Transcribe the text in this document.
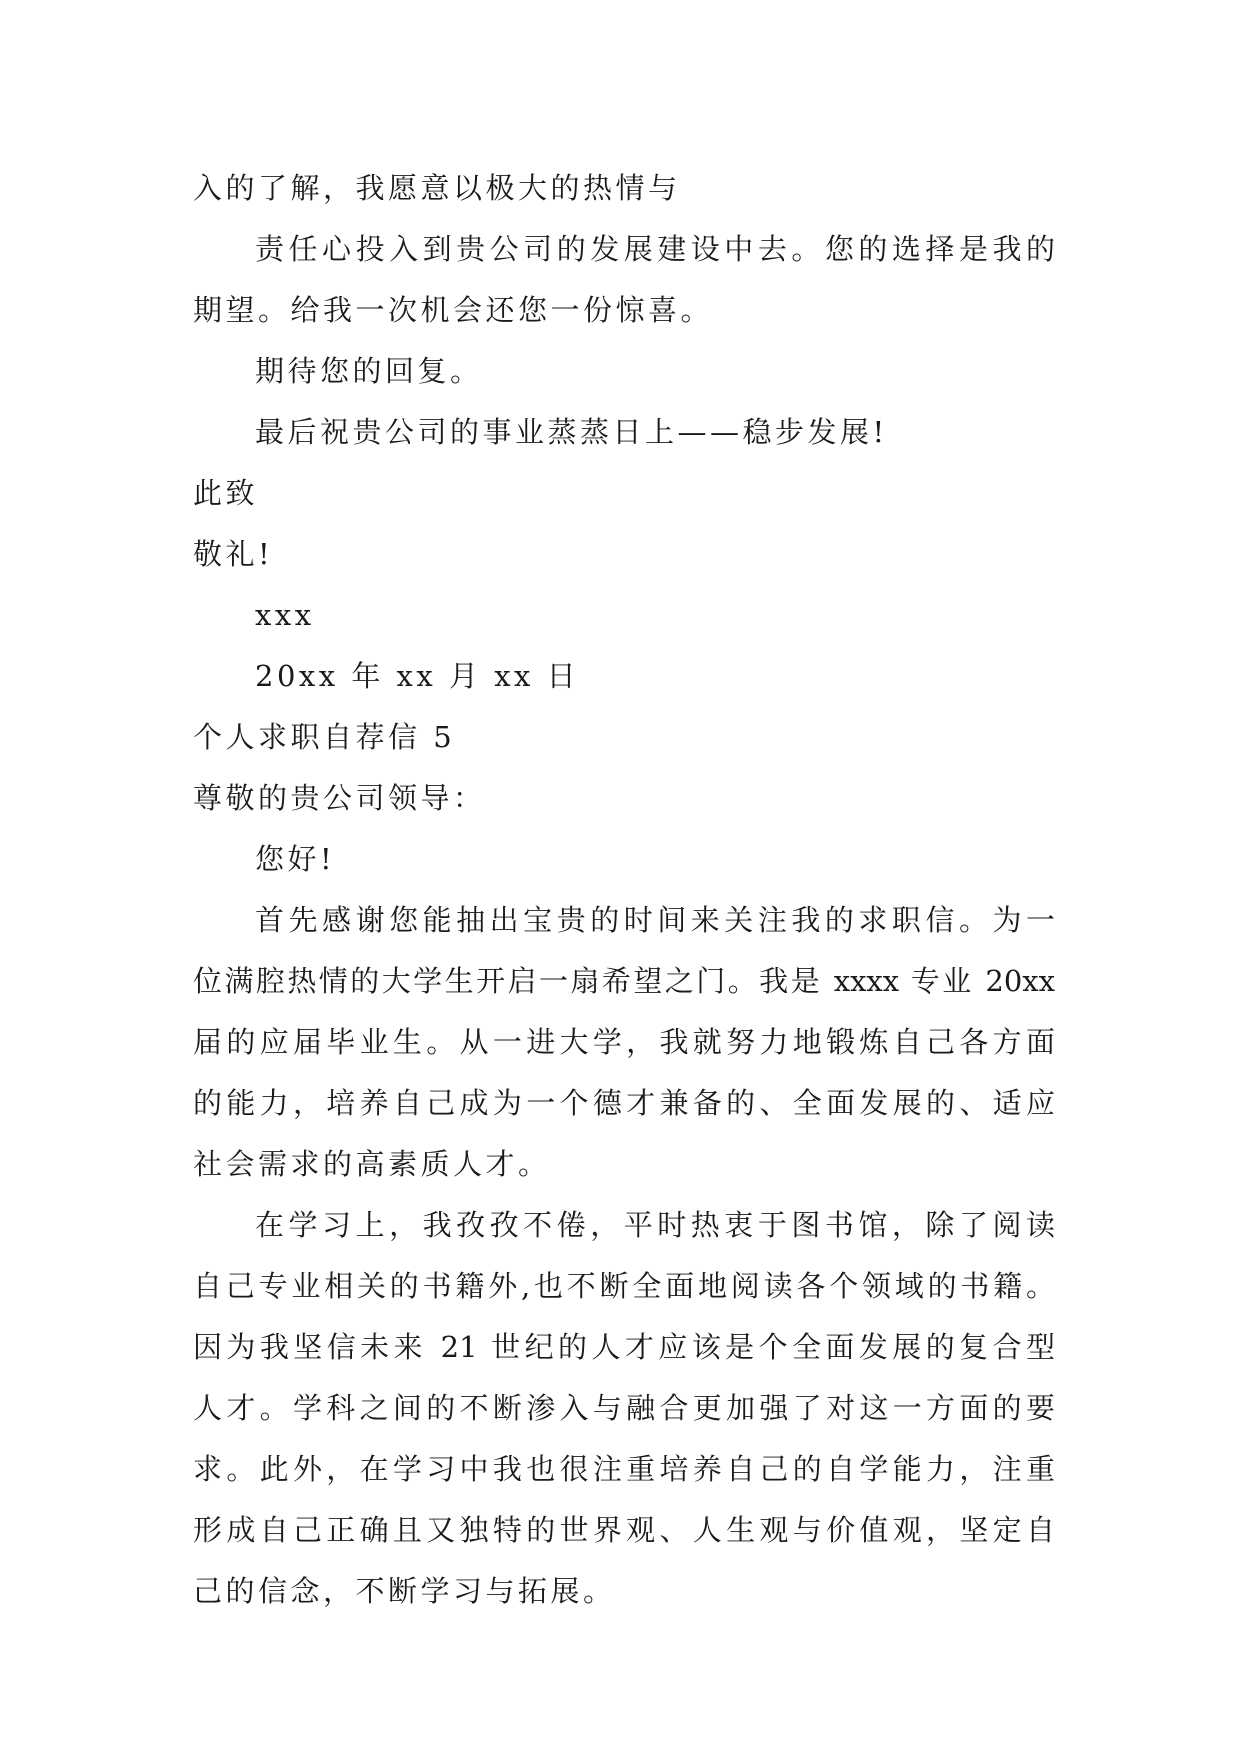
入的了解，我愿意以极大的热情与
责任心投入到贵公司的发展建设中去。您的选择是我的
期望。给我一次机会还您一份惊喜。
期待您的回复。
最后祝贵公司的事业蒸蒸日上——稳步发展!
此致
敬礼!
xxx
20xx 年 xx 月 xx 日
个人求职自荐信 5
尊敬的贵公司领导：
您好!
首先感谢您能抽出宝贵的时间来关注我的求职信。为一
位满腔热情的大学生开启一扇希望之门。我是 xxxx 专业 20xx
届的应届毕业生。从一进大学，我就努力地锻炼自己各方面
的能力，培养自己成为一个德才兼备的、全面发展的、适应
社会需求的高素质人才。
在学习上，我孜孜不倦，平时热衷于图书馆，除了阅读
自己专业相关的书籍外,也不断全面地阅读各个领域的书籍。
因为我坚信未来 21 世纪的人才应该是个全面发展的复合型
人才。学科之间的不断渗入与融合更加强了对这一方面的要
求。此外，在学习中我也很注重培养自己的自学能力，注重
形成自己正确且又独特的世界观、人生观与价值观，坚定自
己的信念，不断学习与拓展。
